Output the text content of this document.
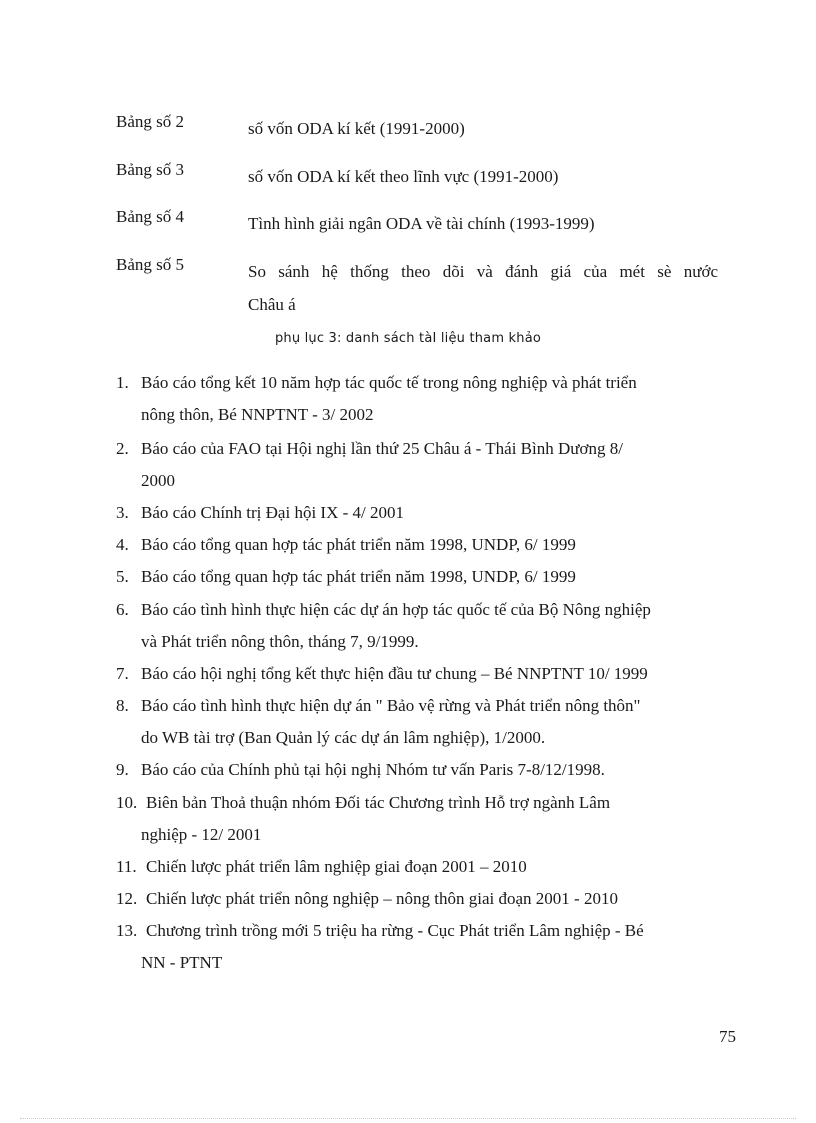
Bảng số 2	số vốn ODA kí kết (1991-2000)
Bảng số 3	số vốn ODA kí kết theo lĩnh vực (1991-2000)
Bảng số 4	Tình hình giải ngân ODA về tài chính (1993-1999)
Bảng số 5	So sánh hệ thống theo dõi và đánh giá của mét sè nước
Châu á
phụ lục 3: danh sách tàI liệu tham khảo
1. Báo cáo tổng kết 10 năm hợp tác quốc tế trong nông nghiệp và phát triển
nông thôn, Bé NNPTNT - 3/ 2002
2. Báo cáo của FAO tại Hội nghị lần thứ 25 Châu á - Thái Bình Dương 8/
2000
3. Báo cáo Chính trị Đại hội IX - 4/ 2001
4. Báo cáo tổng quan hợp tác phát triển năm 1998, UNDP, 6/ 1999
5. Báo cáo tổng quan hợp tác phát triển năm 1998, UNDP, 6/ 1999
6. Báo cáo tình hình thực hiện các dự án hợp tác quốc tế của Bộ Nông nghiệp
và Phát triển nông thôn, tháng 7, 9/1999.
7. Báo cáo hội nghị tổng kết thực hiện đầu tư chung – Bé NNPTNT 10/ 1999
8. Báo cáo tình hình thực hiện dự án " Bảo vệ rừng và Phát triển nông thôn"
do WB tài trợ (Ban Quản lý các dự án lâm nghiệp), 1/2000.
9. Báo cáo của Chính phủ tại hội nghị Nhóm tư vấn Paris 7-8/12/1998.
10. Biên bản Thoả thuận nhóm Đối tác Chương trình Hỗ trợ ngành Lâm
nghiệp - 12/ 2001
11. Chiến lược phát triển lâm nghiệp giai đoạn 2001 – 2010
12. Chiến lược phát triển nông nghiệp – nông thôn giai đoạn 2001 - 2010
13. Chương trình trồng mới 5 triệu ha rừng - Cục Phát triển Lâm nghiệp - Bé
NN - PTNT
75
